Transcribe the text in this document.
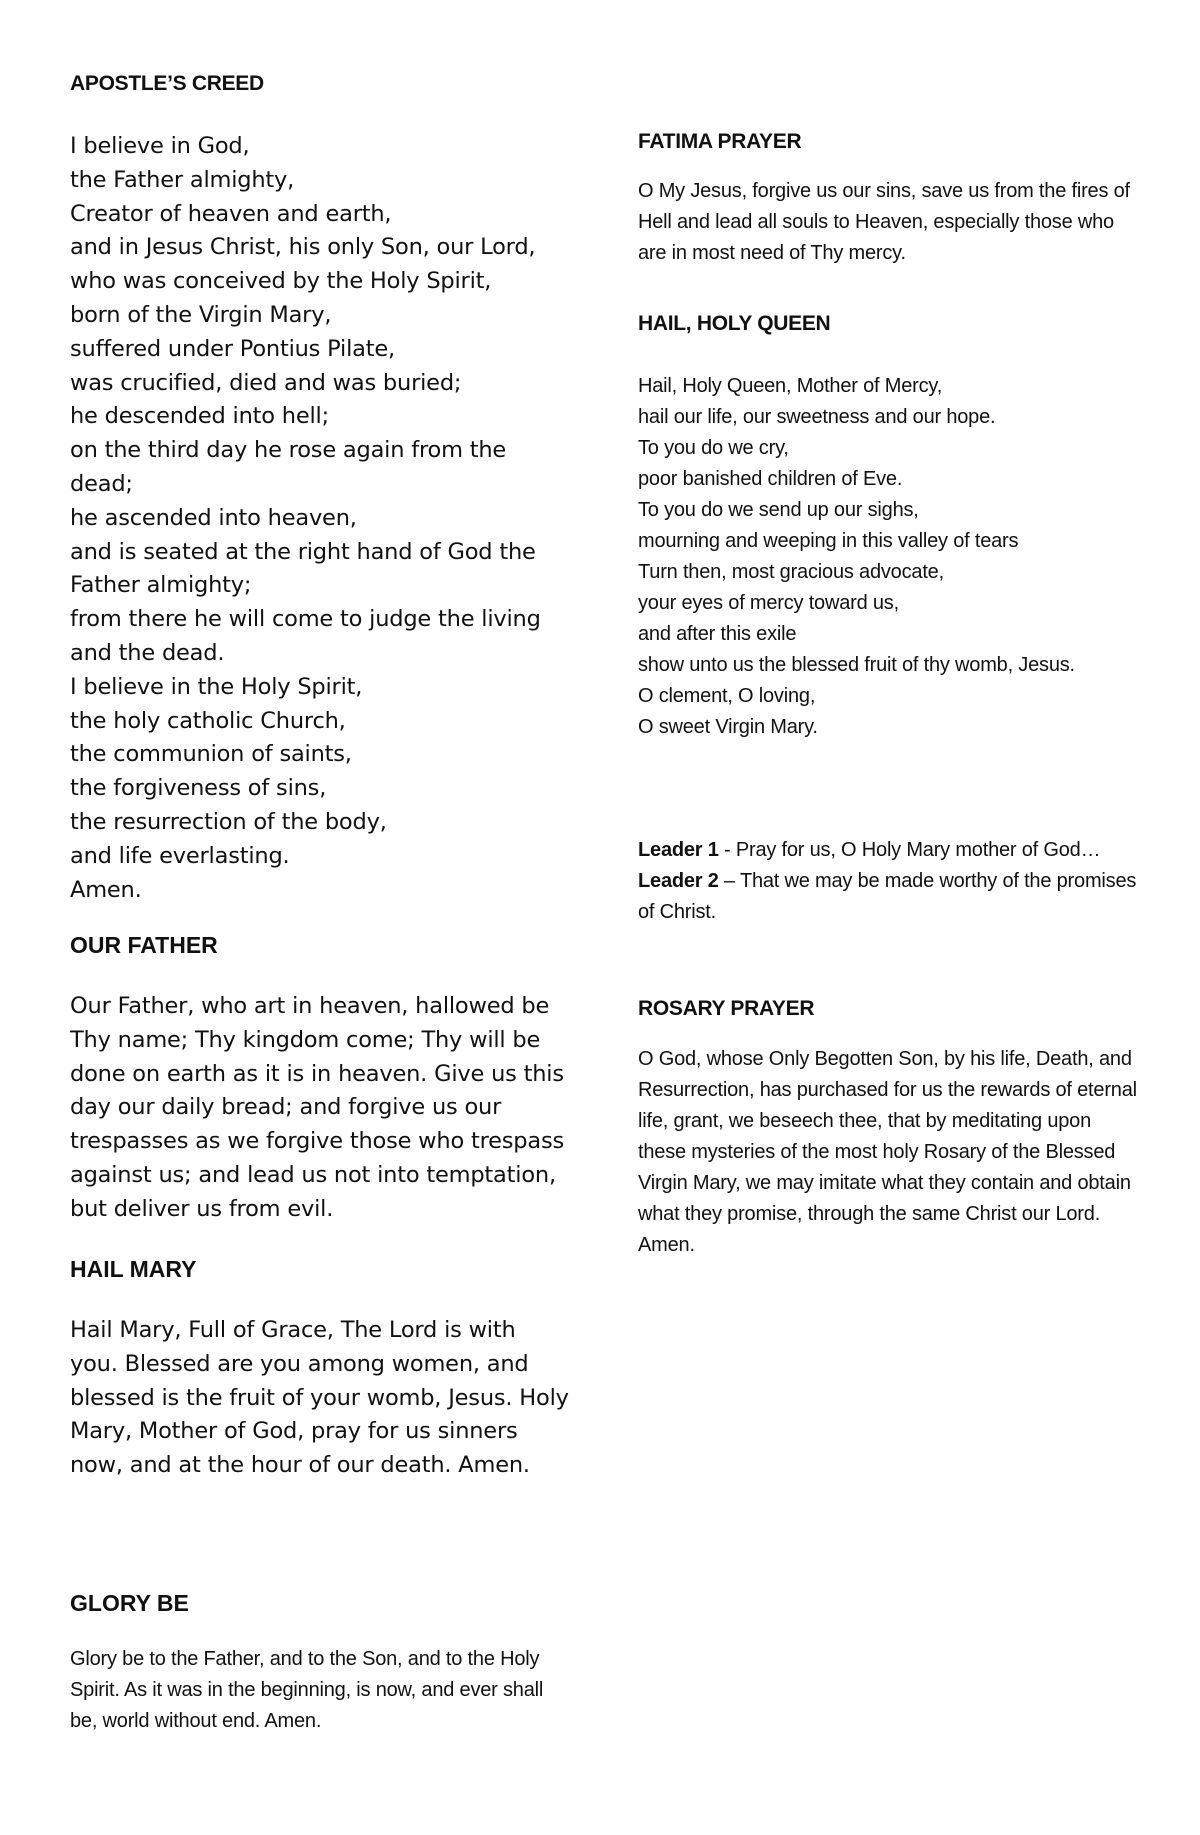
APOSTLE’S CREED

I believe in God,

the Father almighty,

Creator of heaven and earth,

and in Jesus Christ, his only Son, our Lord,

who was conceived by the Holy Spirit,

born of the Virgin Mary,

suffered under Pontius Pilate,

was crucified, died and was buried;

he descended into hell;

on the third day he rose again from the dead;

he ascended into heaven,

and is seated at the right hand of God the Father almighty;

from there he will come to judge the living and the dead.

I believe in the Holy Spirit,

the holy catholic Church,

the communion of saints,

the forgiveness of sins,

the resurrection of the body,

and life everlasting.

Amen.

OUR FATHER

Our Father, who art in heaven, hallowed be Thy name; Thy kingdom come; Thy will be done on earth as it is in heaven. Give us this day our daily bread; and forgive us our trespasses as we forgive those who trespass against us; and lead us not into temptation, but deliver us from evil.

HAIL MARY

Hail Mary, Full of Grace, The Lord is with you. Blessed are you among women, and blessed is the fruit of your womb, Jesus. Holy Mary, Mother of God, pray for us sinners now, and at the hour of our death. Amen.

GLORY BE

Glory be to the Father, and to the Son, and to the Holy Spirit. As it was in the beginning, is now, and ever shall be, world without end. Amen.

FATIMA PRAYER

O My Jesus, forgive us our sins, save us from the fires of Hell and lead all souls to Heaven, especially those who are in most need of Thy mercy.

HAIL, HOLY QUEEN

Hail, Holy Queen, Mother of Mercy,

hail our life, our sweetness and our hope.

To you do we cry,

poor banished children of Eve.

To you do we send up our sighs,

mourning and weeping in this valley of tears

Turn then, most gracious advocate,

your eyes of mercy toward us,

and after this exile

show unto us the blessed fruit of thy womb, Jesus.

O clement, O loving,

O sweet Virgin Mary.

Leader 1 - Pray for us, O Holy Mary mother of God…

Leader 2 – That we may be made worthy of the promises of Christ.

ROSARY PRAYER

O God, whose Only Begotten Son, by his life, Death, and Resurrection, has purchased for us the rewards of eternal life, grant, we beseech thee, that by meditating upon these mysteries of the most holy Rosary of the Blessed Virgin Mary, we may imitate what they contain and obtain what they promise, through the same Christ our Lord. Amen.
